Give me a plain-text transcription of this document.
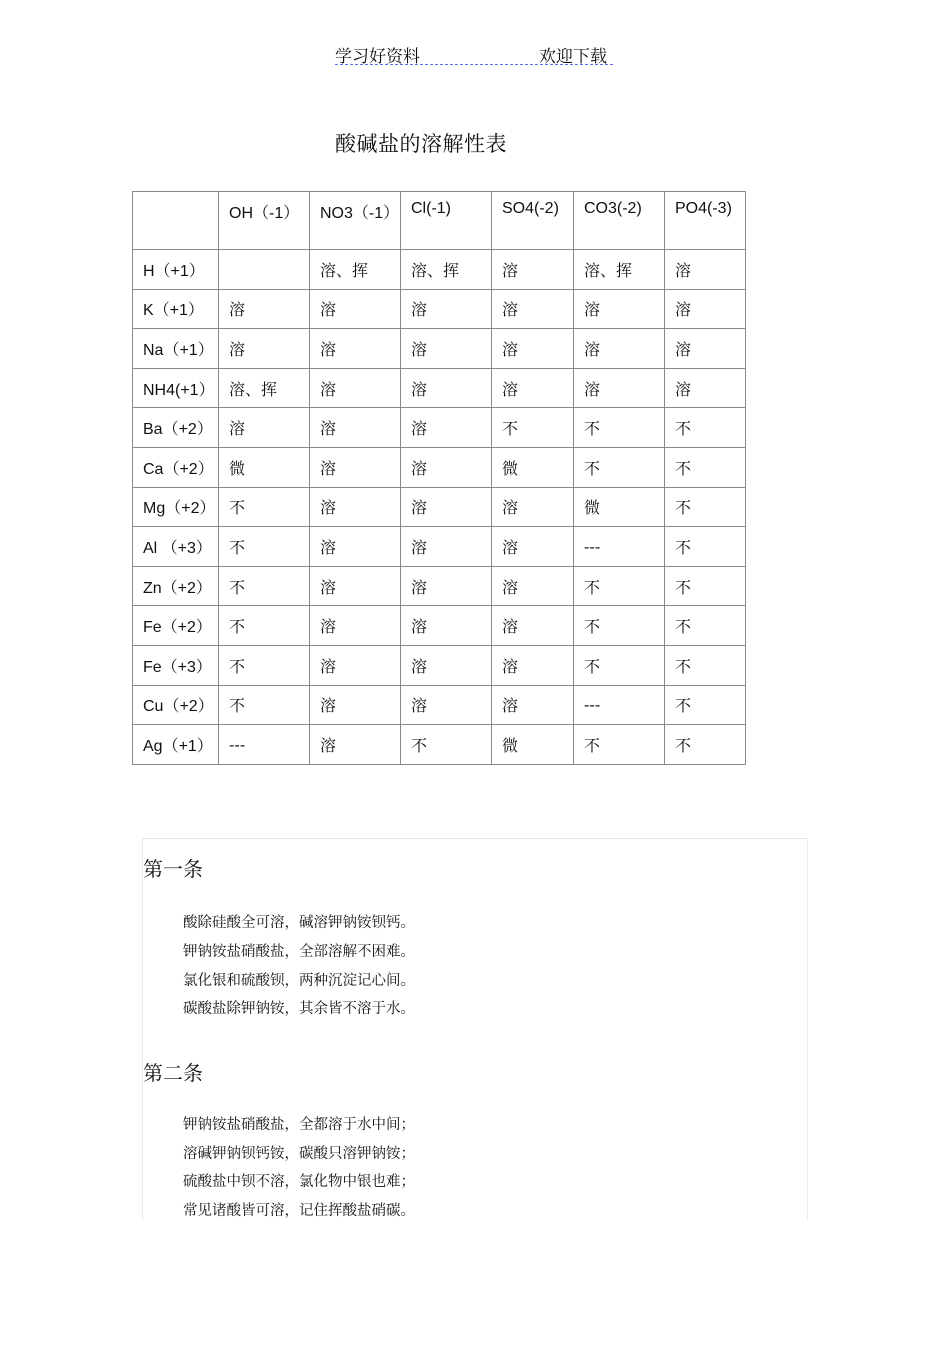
学习好资料	欢迎下载
酸碱盐的溶解性表
	OH（-1）	NO3（-1）	Cl(-1)	SO4(-2)	CO3(-2)	PO4(-3)
H（+1）		溶、挥	溶、挥	溶	溶、挥	溶
K（+1）	溶	溶	溶	溶	溶	溶
Na（+1）	溶	溶	溶	溶	溶	溶
NH4(+1）	溶、挥	溶	溶	溶	溶	溶
Ba（+2）	溶	溶	溶	不	不	不
Ca（+2）	微	溶	溶	微	不	不
Mg（+2）	不	溶	溶	溶	微	不
Al （+3）	不	溶	溶	溶	---	不
Zn（+2）	不	溶	溶	溶	不	不
Fe（+2）	不	溶	溶	溶	不	不
Fe（+3）	不	溶	溶	溶	不	不
Cu（+2）	不	溶	溶	溶	---	不
Ag（+1）	---	溶	不	微	不	不
第一条
酸除硅酸全可溶，碱溶钾钠铵钡钙。
钾钠铵盐硝酸盐，全部溶解不困难。
氯化银和硫酸钡，两种沉淀记心间。
碳酸盐除钾钠铵，其余皆不溶于水。
第二条
钾钠铵盐硝酸盐，全都溶于水中间；
溶碱钾钠钡钙铵，碳酸只溶钾钠铵；
硫酸盐中钡不溶，氯化物中银也难；
常见诸酸皆可溶，记住挥酸盐硝碳。
